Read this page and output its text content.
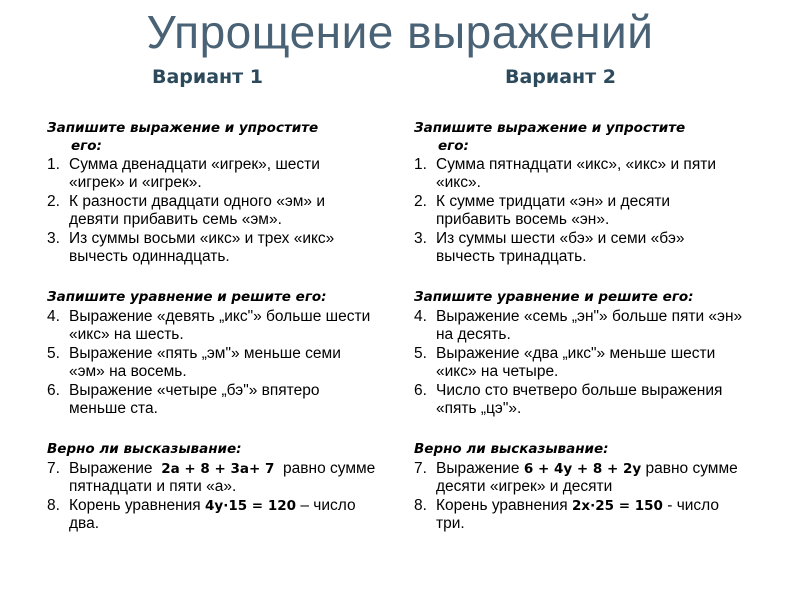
Упрощение выражений
Вариант 1	Вариант 2
Запишите выражение и упростите
его:
1. Сумма двенадцати «игрек», шести «игрек» и «игрек».
2. К разности двадцати одного «эм» и девяти прибавить семь «эм».
3. Из суммы восьми «икс» и трех «икс» вычесть одиннадцать.
Запишите уравнение и решите его:
4. Выражение «девять „икс"» больше шести «икс» на шесть.
5. Выражение «пять „эм"» меньше семи «эм» на восемь.
6. Выражение «четыре „бэ"» впятеро меньше ста.
Верно ли высказывание:
7. Выражение 2а + 8 + 3а+ 7 равно сумме пятнадцати и пяти «а».
8. Корень уравнения 4у·15 = 120 – число два.
Запишите выражение и упростите
его:
1. Сумма пятнадцати «икс», «икс» и пяти «икс».
2. К сумме тридцати «эн» и десяти прибавить восемь «эн».
3. Из суммы шести «бэ» и семи «бэ» вычесть тринадцать.
Запишите уравнение и решите его:
4. Выражение «семь „эн"» больше пяти «эн» на десять.
5. Выражение «два „икс"» меньше шести «икс» на четыре.
6. Число сто вчетверо больше выражения «пять „цэ"».
Верно ли высказывание:
7. Выражение 6 + 4у + 8 + 2у равно сумме десяти «игрек» и десяти
8. Корень уравнения 2х·25 = 150 - число три.
